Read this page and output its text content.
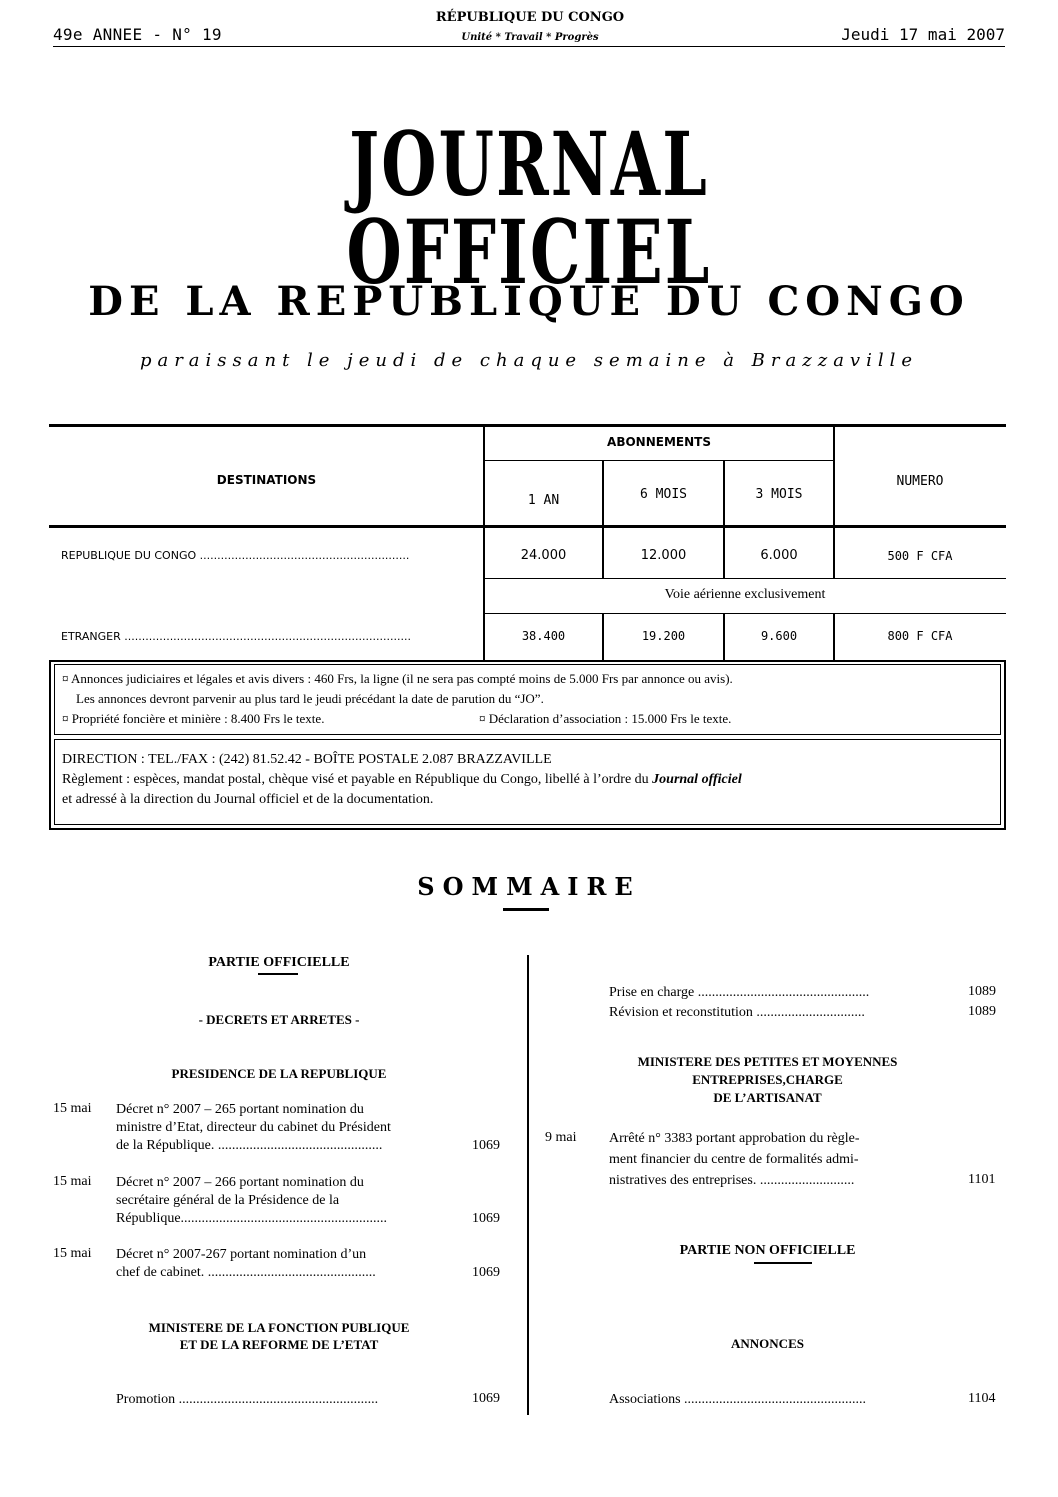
49e ANNEE - N° 19
RÉPUBLIQUE DU CONGO
Unité * Travail * Progrès	Jeudi 17 mai 2007
JOURNAL OFFICIEL
DE LA REPUBLIQUE DU CONGO
paraissant le jeudi de chaque semaine à Brazzaville
DESTINATIONS
ABONNEMENTS
1 AN	6 MOIS	3 MOIS
NUMERO
REPUBLIQUE DU CONGO ............................................................	24.000	12.000	6.000	500 F CFA
Voie aérienne exclusivement
ETRANGER ..................................................................................	38.400	19.200	9.600	800 F CFA
¤ Annonces judiciaires et légales et avis divers : 460 Frs, la ligne (il ne sera pas compté moins de 5.000 Frs par annonce ou avis).
Les annonces devront parvenir au plus tard le jeudi précédant la date de parution du “JO”.
¤ Propriété foncière et minière : 8.400 Frs le texte.	¤ Déclaration d’association : 15.000 Frs le texte.
DIRECTION : TEL./FAX : (242) 81.52.42 - BOÎTE POSTALE 2.087 BRAZZAVILLE
Règlement : espèces, mandat postal, chèque visé et payable en République du Congo, libellé à l’ordre du Journal officiel
et adressé à la direction du Journal officiel et de la documentation.
SOMMAIRE
PARTIE OFFICIELLE
- DECRETS ET ARRETES -
PRESIDENCE DE LA REPUBLIQUE
15 mai Décret n° 2007 – 265 portant nomination du
ministre d’Etat, directeur du cabinet du Président
de la République. ...............................................	1069
15 mai Décret n° 2007 – 266 portant nomination du
secrétaire général de la Présidence de la
République...........................................................	1069
15 mai Décret n° 2007-267 portant nomination d’un
chef de cabinet. ................................................	1069
MINISTERE DE LA FONCTION PUBLIQUE
ET DE LA REFORME DE L’ETAT
Promotion .........................................................	1069
Prise en charge .................................................	1089
Révision et reconstitution ...............................	1089
MINISTERE DES PETITES ET MOYENNES
ENTREPRISES,CHARGE
DE L’ARTISANAT
9 mai Arrêté n° 3383 portant approbation du règle-
ment financier du centre de formalités admi-
nistratives des entreprises. ...........................	1101
PARTIE NON OFFICIELLE
ANNONCES
Associations ....................................................	1104
